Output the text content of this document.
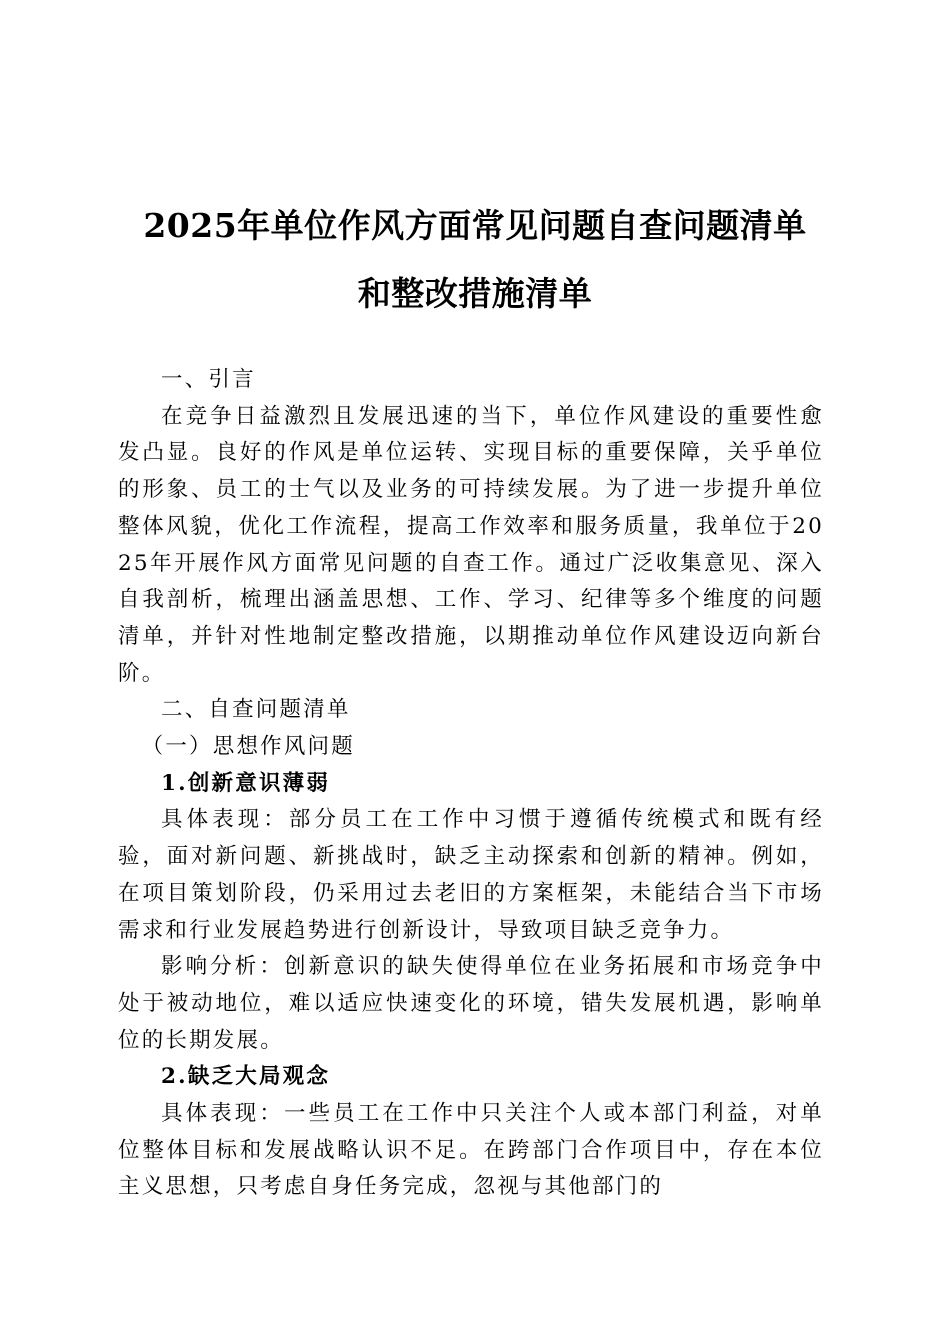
2025年单位作风方面常见问题自查问题清单
和整改措施清单

一、引言

在竞争日益激烈且发展迅速的当下，单位作风建设的重要性愈发凸显。良好的作风是单位运转、实现目标的重要保障，关乎单位的形象、员工的士气以及业务的可持续发展。为了进一步提升单位整体风貌，优化工作流程，提高工作效率和服务质量，我单位于2025年开展作风方面常见问题的自查工作。通过广泛收集意见、深入自我剖析，梳理出涵盖思想、工作、学习、纪律等多个维度的问题清单，并针对性地制定整改措施，以期推动单位作风建设迈向新台阶。

二、自查问题清单

（一）思想作风问题

1.创新意识薄弱

具体表现：部分员工在工作中习惯于遵循传统模式和既有经验，面对新问题、新挑战时，缺乏主动探索和创新的精神。例如，在项目策划阶段，仍采用过去老旧的方案框架，未能结合当下市场需求和行业发展趋势进行创新设计，导致项目缺乏竞争力。

影响分析：创新意识的缺失使得单位在业务拓展和市场竞争中处于被动地位，难以适应快速变化的环境，错失发展机遇，影响单位的长期发展。

2.缺乏大局观念

具体表现：一些员工在工作中只关注个人或本部门利益，对单位整体目标和发展战略认识不足。在跨部门合作项目中，存在本位主义思想，只考虑自身任务完成，忽视与其他部门的
